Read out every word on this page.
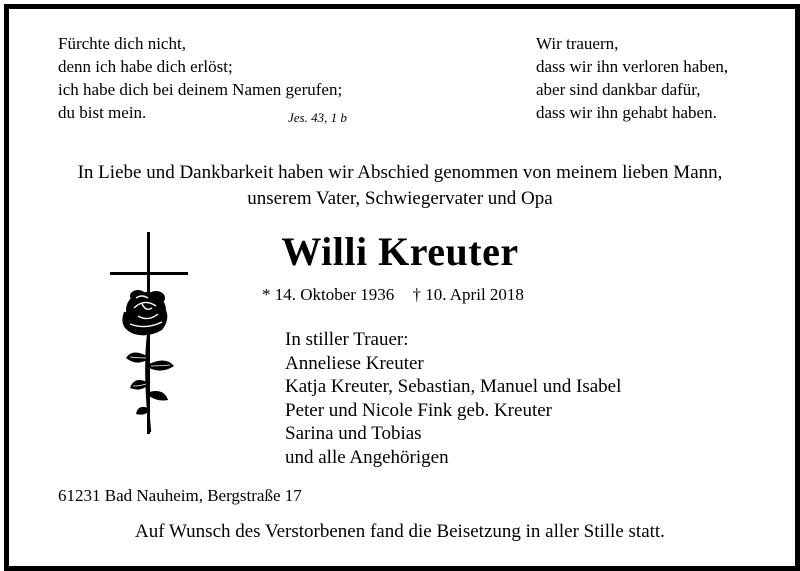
Fürchte dich nicht,
denn ich habe dich erlöst;
ich habe dich bei deinem Namen gerufen;
du bist mein.	Jes. 43, 1 b
Wir trauern,
dass wir ihn verloren haben,
aber sind dankbar dafür,
dass wir ihn gehabt haben.
In Liebe und Dankbarkeit haben wir Abschied genommen von meinem lieben Mann,
unserem Vater, Schwiegervater und Opa
Willi Kreuter
* 14. Oktober 1936 † 10. April 2018
In stiller Trauer:
Anneliese Kreuter
Katja Kreuter, Sebastian, Manuel und Isabel
Peter und Nicole Fink geb. Kreuter
Sarina und Tobias
und alle Angehörigen
61231 Bad Nauheim, Bergstraße 17
Auf Wunsch des Verstorbenen fand die Beisetzung in aller Stille statt.
